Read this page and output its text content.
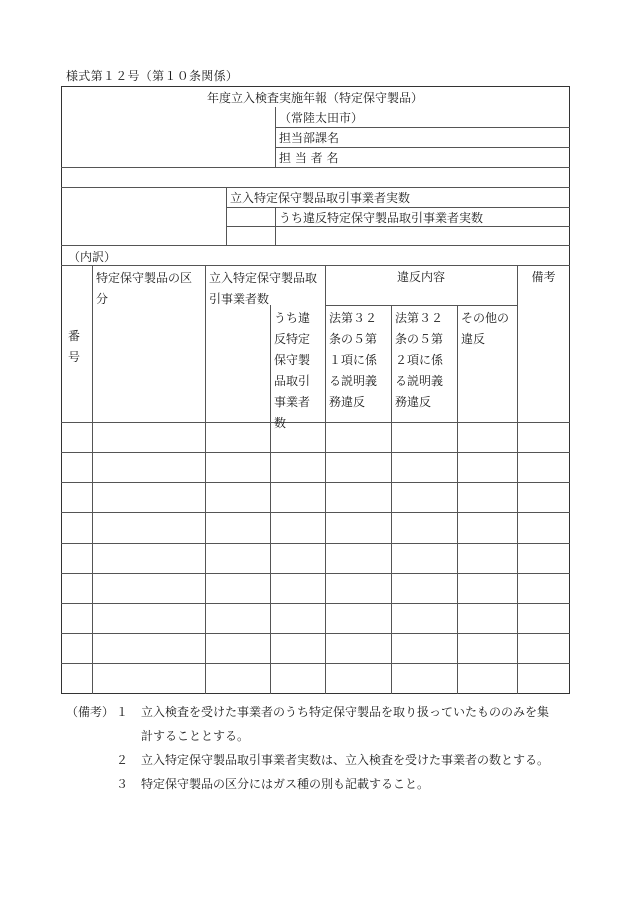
様式第１２号（第１０条関係）
年度立入検査実施年報（特定保守製品）
（常陸太田市）
担当部課名
担 当 者 名
立入特定保守製品取引事業者実数
うち違反特定保守製品取引事業者実数
（内訳）
番
号
特定保守製品の区
分
立入特定保守製品取
引事業者数
うち違
反特定
保守製
品取引
事業者
数
違反内容
法第３２
条の５第
１項に係
る説明義
務違反
法第３２
条の５第
２項に係
る説明義
務違反
その他の
違反
備考
（備考） １ 立入検査を受けた事業者のうち特定保守製品を取り扱っていたもののみを集
計することとする。
２ 立入特定保守製品取引事業者実数は、立入検査を受けた事業者の数とする。
３ 特定保守製品の区分にはガス種の別も記載すること。
